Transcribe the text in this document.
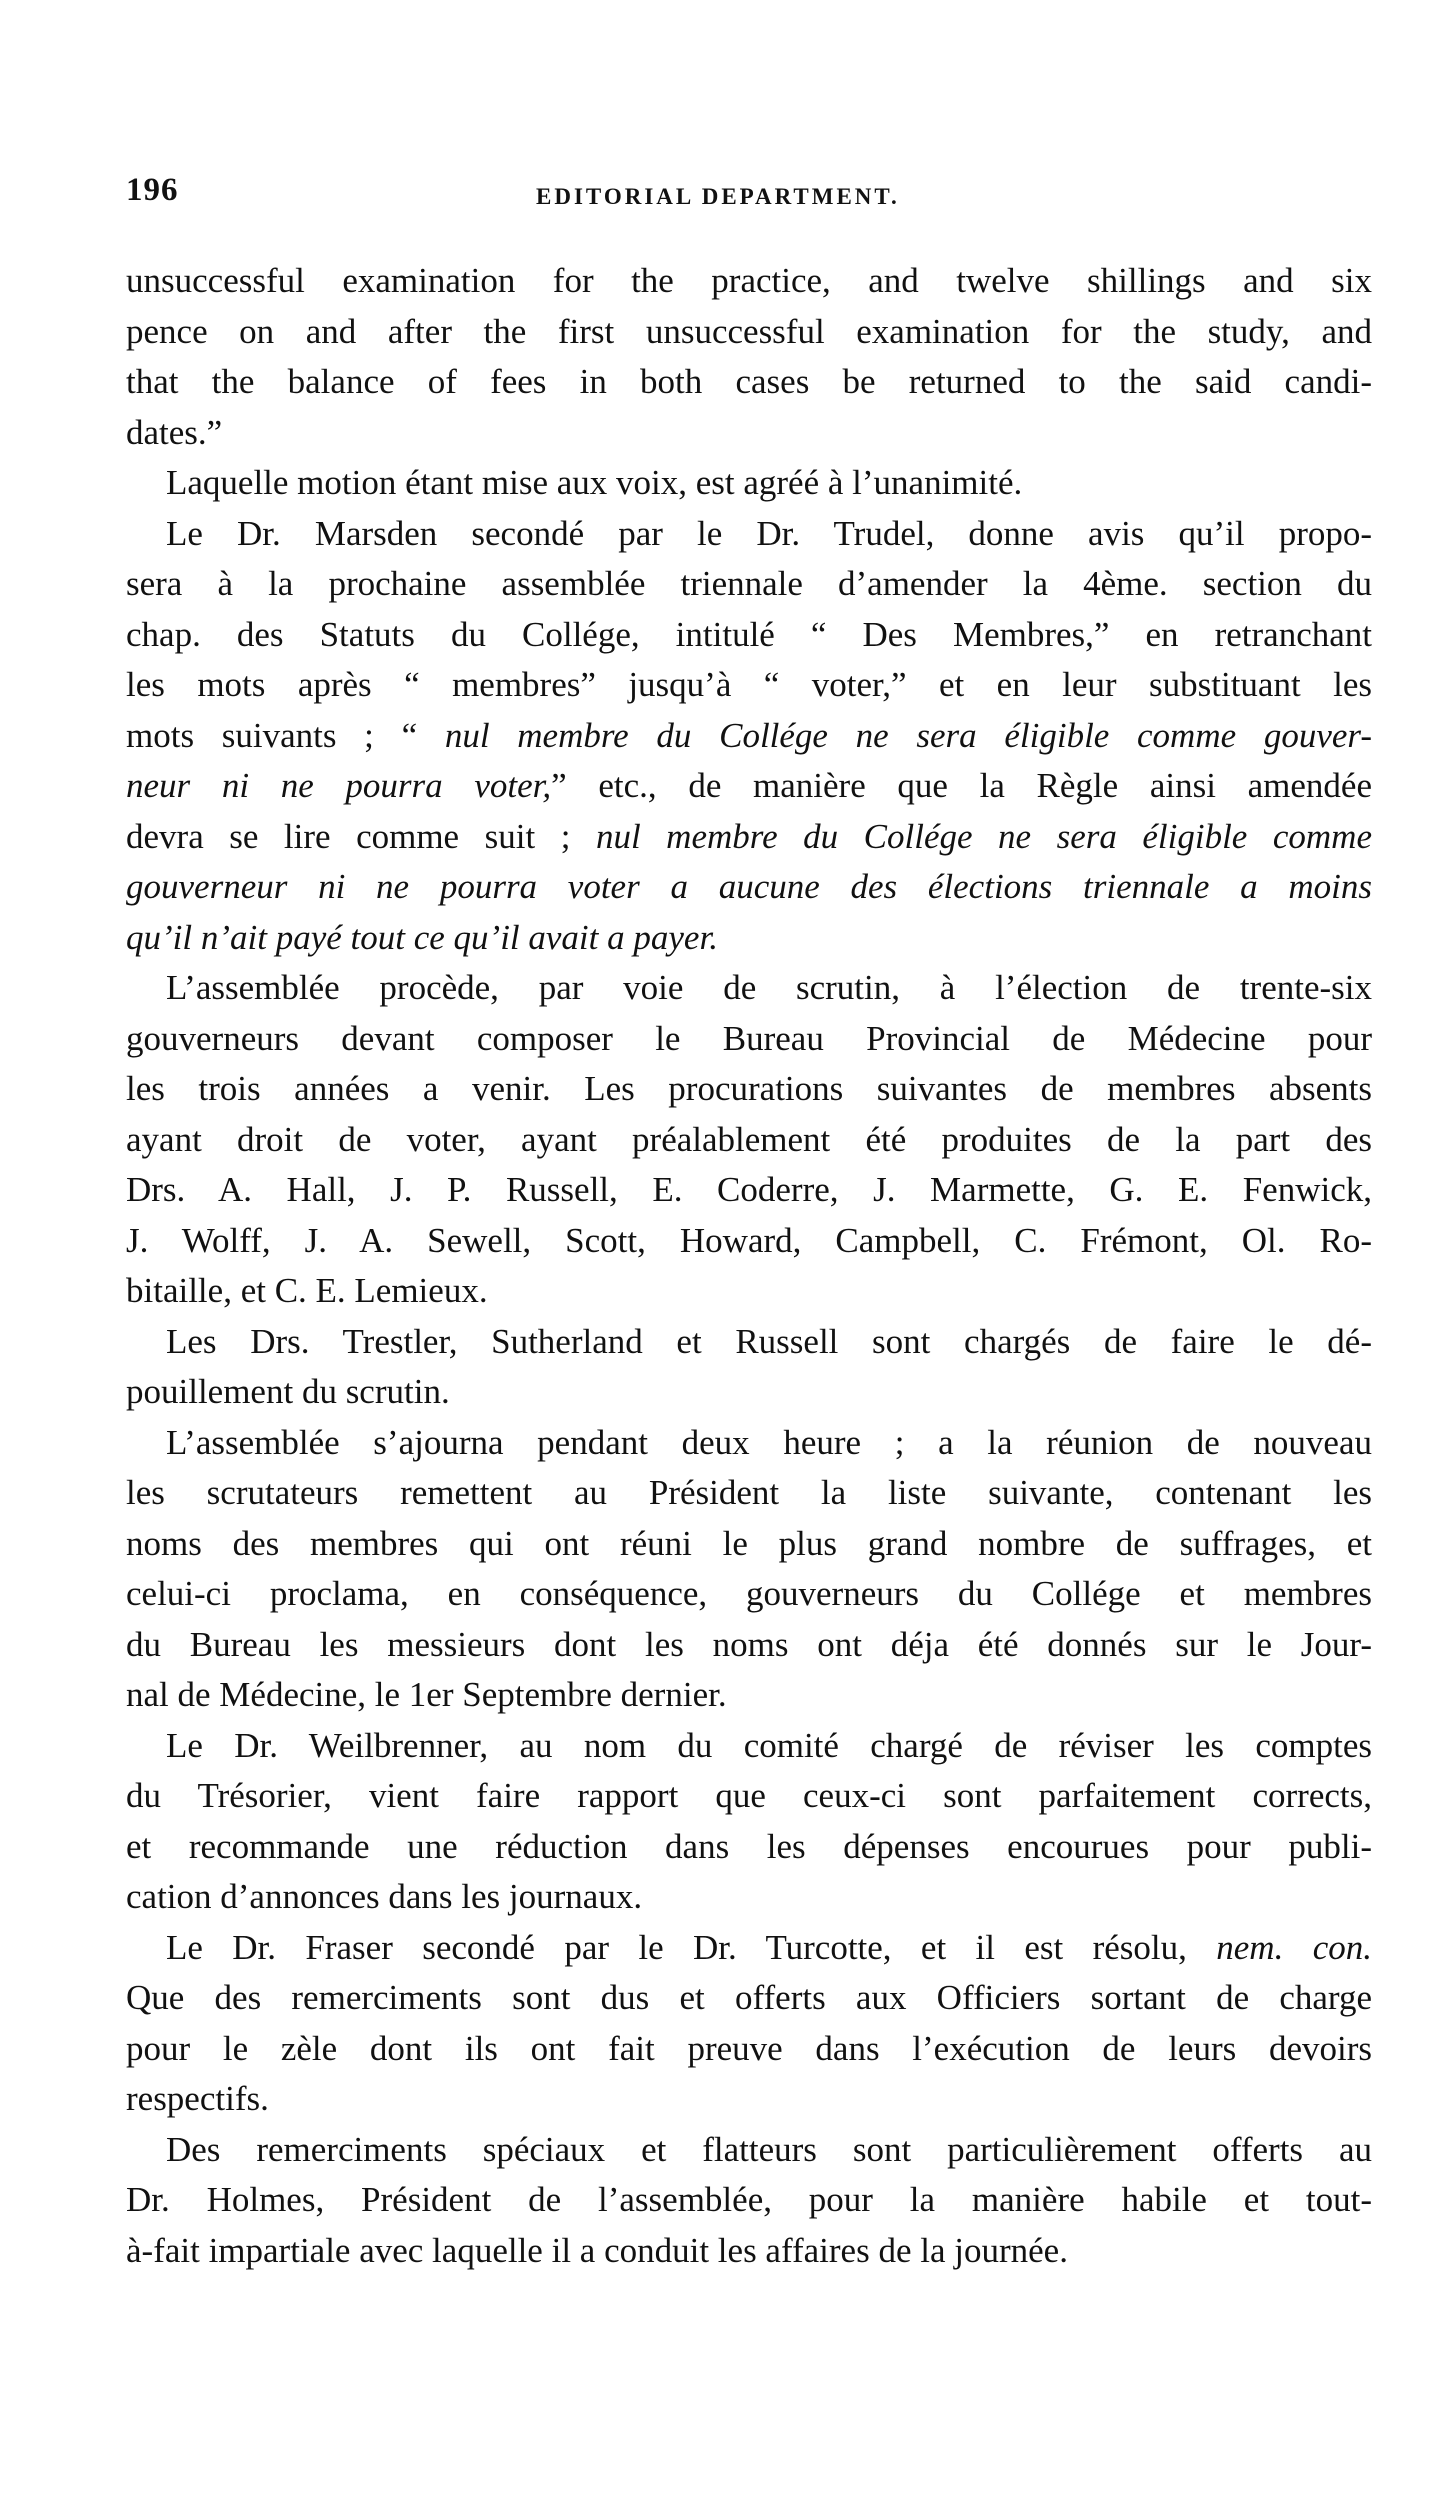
196	EDITORIAL DEPARTMENT.
unsuccessful examination for the practice, and twelve shillings and six
pence on and after the first unsuccessful examination for the study, and
that the balance of fees in both cases be returned to the said candi-
dates.”
Laquelle motion étant mise aux voix, est agréé à l’unanimité.
Le Dr. Marsden secondé par le Dr. Trudel, donne avis qu’il propo-
sera à la prochaine assemblée triennale d’amender la 4ème. section du
chap. des Statuts du Collége, intitulé “ Des Membres,” en retranchant
les mots après “ membres” jusqu’à “ voter,” et en leur substituant les
mots suivants ; “ nul membre du Collége ne sera éligible comme gouver-
neur ni ne pourra voter,” etc., de manière que la Règle ainsi amendée
devra se lire comme suit ; nul membre du Collége ne sera éligible comme
gouverneur ni ne pourra voter a aucune des élections triennale a moins
qu’il n’ait payé tout ce qu’il avait a payer.
L’assemblée procède, par voie de scrutin, à l’élection de trente-six
gouverneurs devant composer le Bureau Provincial de Médecine pour
les trois années a venir. Les procurations suivantes de membres absents
ayant droit de voter, ayant préalablement été produites de la part des
Drs. A. Hall, J. P. Russell, E. Coderre, J. Marmette, G. E. Fenwick,
J. Wolff, J. A. Sewell, Scott, Howard, Campbell, C. Frémont, Ol. Ro-
bitaille, et C. E. Lemieux.
Les Drs. Trestler, Sutherland et Russell sont chargés de faire le dé-
pouillement du scrutin.
L’assemblée s’ajourna pendant deux heure ; a la réunion de nouveau
les scrutateurs remettent au Président la liste suivante, contenant les
noms des membres qui ont réuni le plus grand nombre de suffrages, et
celui-ci proclama, en conséquence, gouverneurs du Collége et membres
du Bureau les messieurs dont les noms ont déja été donnés sur le Jour-
nal de Médecine, le 1er Septembre dernier.
Le Dr. Weilbrenner, au nom du comité chargé de réviser les comptes
du Trésorier, vient faire rapport que ceux-ci sont parfaitement corrects,
et recommande une réduction dans les dépenses encourues pour publi-
cation d’annonces dans les journaux.
Le Dr. Fraser secondé par le Dr. Turcotte, et il est résolu, nem. con.
Que des remerciments sont dus et offerts aux Officiers sortant de charge
pour le zèle dont ils ont fait preuve dans l’exécution de leurs devoirs
respectifs.
Des remerciments spéciaux et flatteurs sont particulièrement offerts au
Dr. Holmes, Président de l’assemblée, pour la manière habile et tout-
à-fait impartiale avec laquelle il a conduit les affaires de la journée.
